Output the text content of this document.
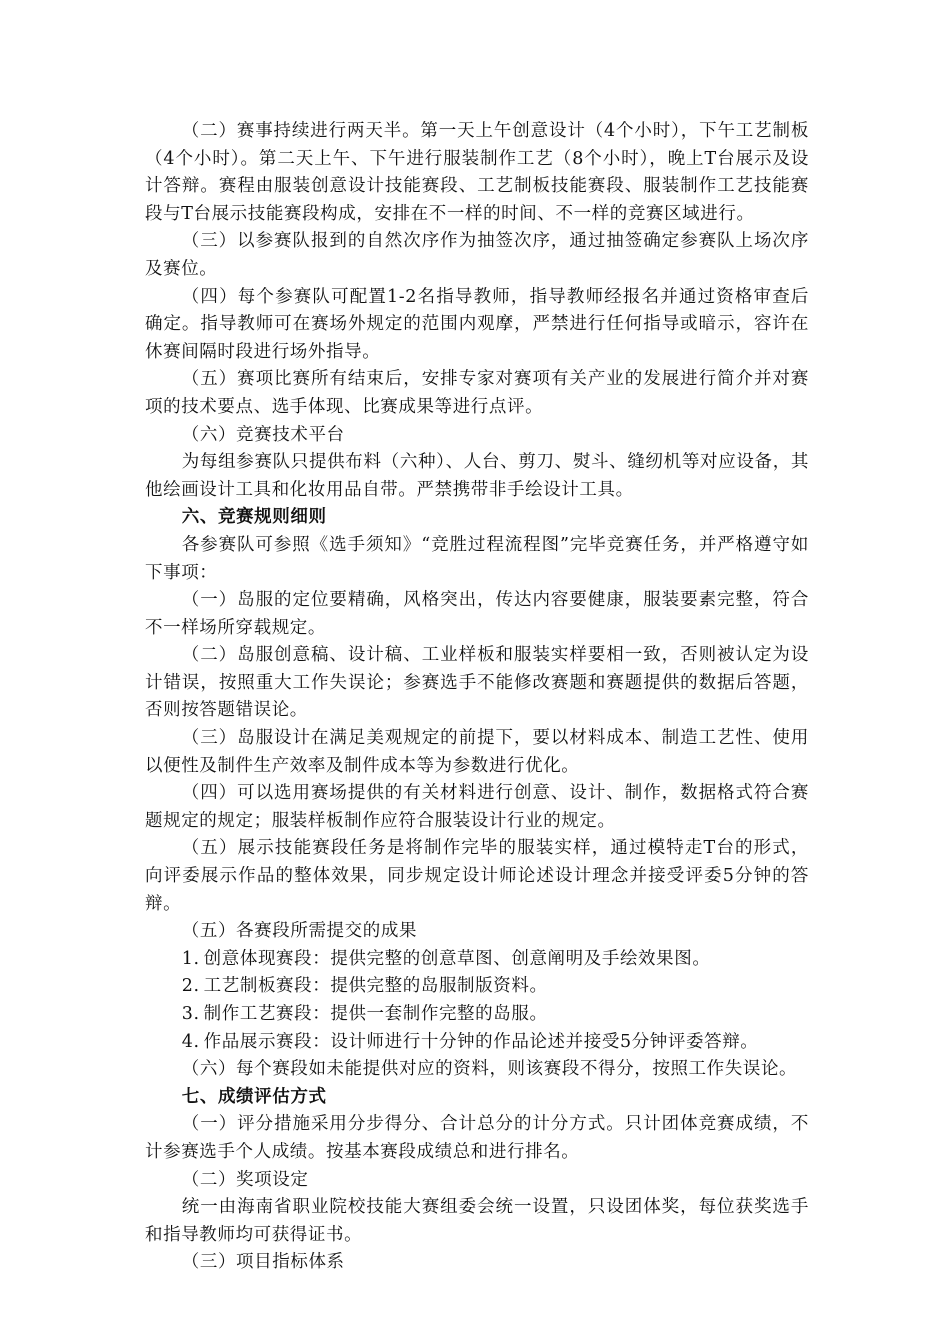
（二）赛事持续进行两天半。第一天上午创意设计（4个小时），下午工艺制板（4个小时）。第二天上午、下午进行服装制作工艺（8个小时），晚上T台展示及设计答辩。赛程由服装创意设计技能赛段、工艺制板技能赛段、服装制作工艺技能赛段与T台展示技能赛段构成，安排在不一样的时间、不一样的竞赛区域进行。

（三）以参赛队报到的自然次序作为抽签次序，通过抽签确定参赛队上场次序及赛位。

（四）每个参赛队可配置1-2名指导教师，指导教师经报名并通过资格审查后确定。指导教师可在赛场外规定的范围内观摩，严禁进行任何指导或暗示，容许在休赛间隔时段进行场外指导。

（五）赛项比赛所有结束后，安排专家对赛项有关产业的发展进行简介并对赛项的技术要点、选手体现、比赛成果等进行点评。

（六）竞赛技术平台

为每组参赛队只提供布料（六种）、人台、剪刀、熨斗、缝纫机等对应设备，其他绘画设计工具和化妆用品自带。严禁携带非手绘设计工具。

六、竞赛规则细则

各参赛队可参照《选手须知》“竞胜过程流程图”完毕竞赛任务，并严格遵守如下事项：

（一）岛服的定位要精确，风格突出，传达内容要健康，服装要素完整，符合不一样场所穿载规定。

（二）岛服创意稿、设计稿、工业样板和服装实样要相一致，否则被认定为设计错误，按照重大工作失误论；参赛选手不能修改赛题和赛题提供的数据后答题，否则按答题错误论。

（三）岛服设计在满足美观规定的前提下，要以材料成本、制造工艺性、使用以便性及制件生产效率及制件成本等为参数进行优化。

（四）可以选用赛场提供的有关材料进行创意、设计、制作，数据格式符合赛题规定的规定；服装样板制作应符合服装设计行业的规定。

（五）展示技能赛段任务是将制作完毕的服装实样，通过模特走T台的形式，向评委展示作品的整体效果，同步规定设计师论述设计理念并接受评委5分钟的答辩。

（五）各赛段所需提交的成果

1. 创意体现赛段：提供完整的创意草图、创意阐明及手绘效果图。

2. 工艺制板赛段：提供完整的岛服制版资料。

3. 制作工艺赛段：提供一套制作完整的岛服。

4. 作品展示赛段：设计师进行十分钟的作品论述并接受5分钟评委答辩。

（六）每个赛段如未能提供对应的资料，则该赛段不得分，按照工作失误论。

七、成绩评估方式

（一）评分措施采用分步得分、合计总分的计分方式。只计团体竞赛成绩，不计参赛选手个人成绩。按基本赛段成绩总和进行排名。

（二）奖项设定

统一由海南省职业院校技能大赛组委会统一设置，只设团体奖，每位获奖选手和指导教师均可获得证书。

（三）项目指标体系
